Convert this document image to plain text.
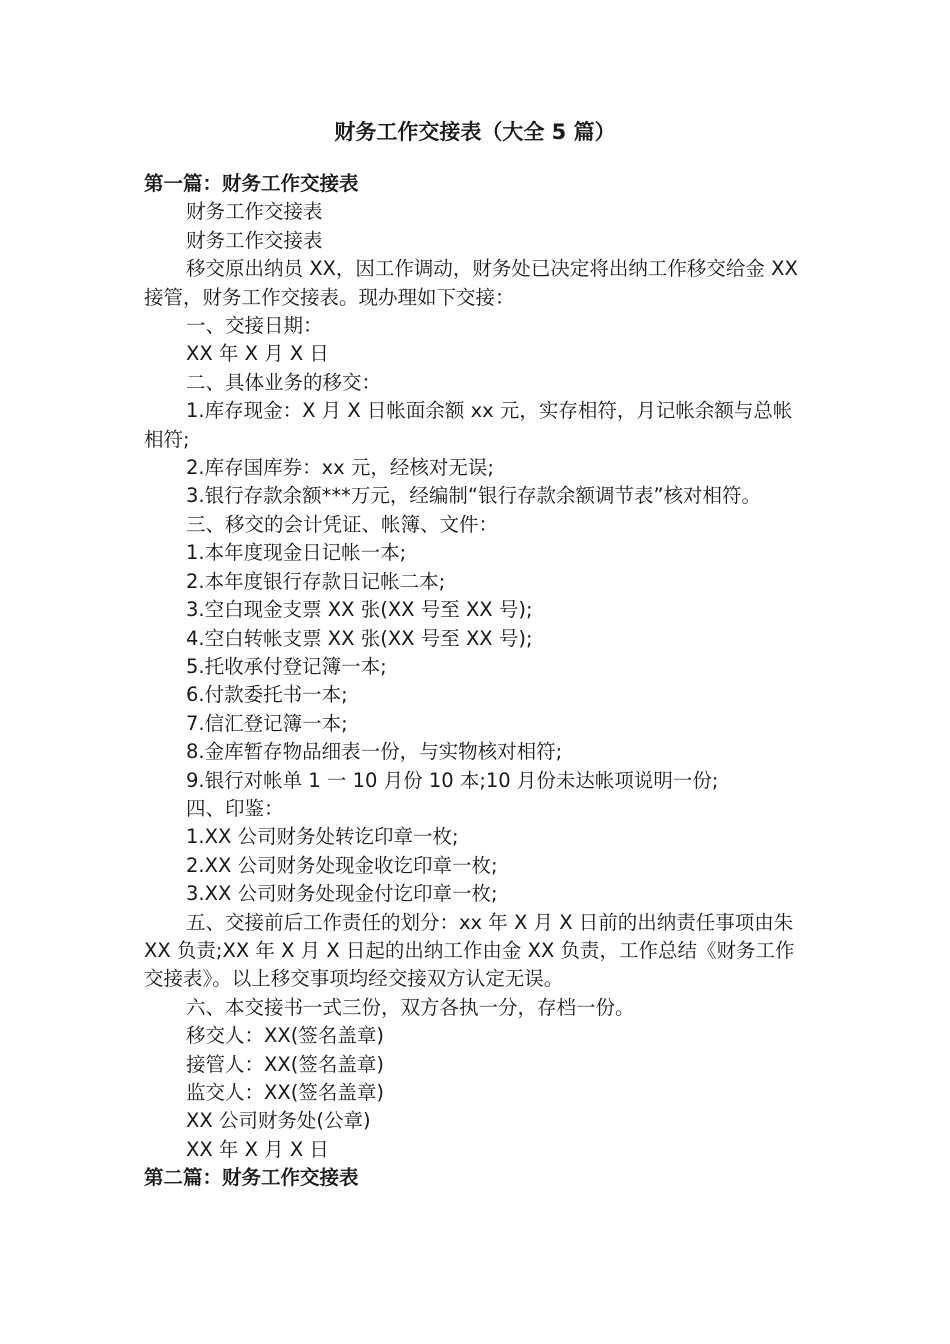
财务工作交接表（大全 5 篇）

第一篇：财务工作交接表

财务工作交接表

财务工作交接表

移交原出纳员 XX，因工作调动，财务处已决定将出纳工作移交给金 XX 接管，财务工作交接表。现办理如下交接：

一、交接日期：

XX 年 X 月 X 日

二、具体业务的移交：

1.库存现金：X 月 X 日帐面余额 xx 元，实存相符，月记帐余额与总帐相符;

2.库存国库券：xx 元，经核对无误;

3.银行存款余额***万元，经编制“银行存款余额调节表”核对相符。

三、移交的会计凭证、帐簿、文件：

1.本年度现金日记帐一本;

2.本年度银行存款日记帐二本;

3.空白现金支票 XX 张(XX 号至 XX 号);

4.空白转帐支票 XX 张(XX 号至 XX 号);

5.托收承付登记簿一本;

6.付款委托书一本;

7.信汇登记簿一本;

8.金库暂存物品细表一份，与实物核对相符;

9.银行对帐单 1 一 10 月份 10 本;10 月份未达帐项说明一份;

四、印鉴：

1.XX 公司财务处转讫印章一枚;

2.XX 公司财务处现金收讫印章一枚;

3.XX 公司财务处现金付讫印章一枚;

五、交接前后工作责任的划分：xx 年 X 月 X 日前的出纳责任事项由朱 XX 负责;XX 年 X 月 X 日起的出纳工作由金 XX 负责，工作总结《财务工作交接表》。以上移交事项均经交接双方认定无误。

六、本交接书一式三份，双方各执一分，存档一份。

移交人：XX(签名盖章)

接管人：XX(签名盖章)

监交人：XX(签名盖章)

XX 公司财务处(公章)

XX 年 X 月 X 日

第二篇：财务工作交接表
